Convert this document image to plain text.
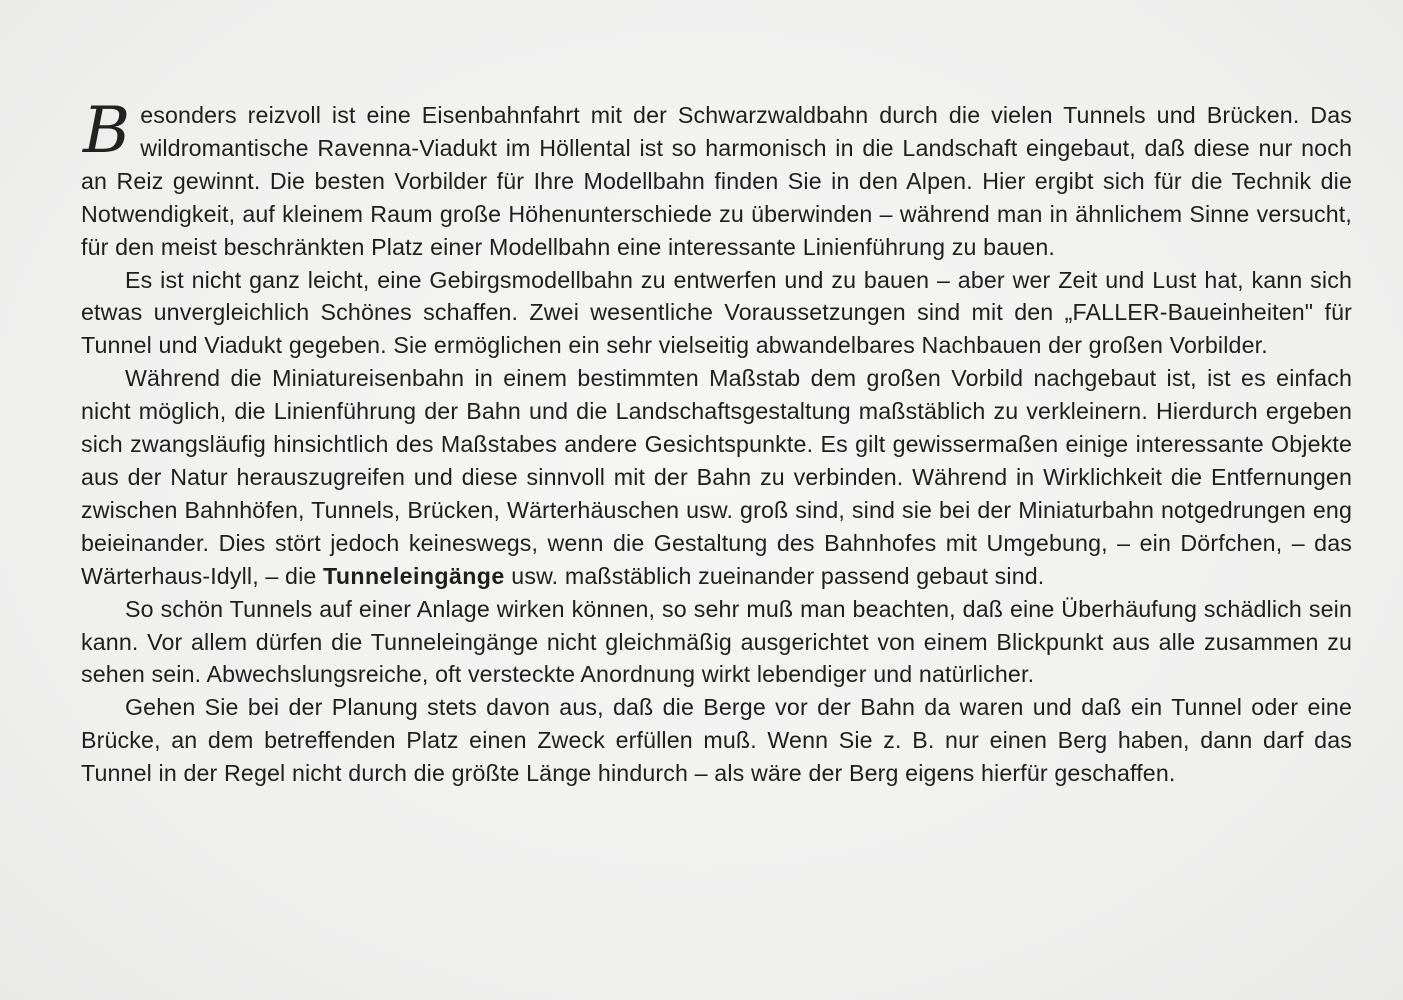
Besonders reizvoll ist eine Eisenbahnfahrt mit der Schwarzwaldbahn durch die vielen Tunnels und Brücken. Das wildromantische Ravenna-Viadukt im Höllental ist so harmonisch in die Landschaft eingebaut, daß diese nur noch an Reiz gewinnt. Die besten Vorbilder für Ihre Modellbahn finden Sie in den Alpen. Hier ergibt sich für die Technik die Notwendigkeit, auf kleinem Raum große Höhenunterschiede zu überwinden – während man in ähnlichem Sinne versucht, für den meist beschränkten Platz einer Modellbahn eine interessante Linienführung zu bauen.

Es ist nicht ganz leicht, eine Gebirgsmodellbahn zu entwerfen und zu bauen – aber wer Zeit und Lust hat, kann sich etwas unvergleichlich Schönes schaffen. Zwei wesentliche Voraussetzungen sind mit den „FALLER-Baueinheiten" für Tunnel und Viadukt gegeben. Sie ermöglichen ein sehr vielseitig abwandelbares Nachbauen der großen Vorbilder.

Während die Miniatureisenbahn in einem bestimmten Maßstab dem großen Vorbild nachgebaut ist, ist es einfach nicht möglich, die Linienführung der Bahn und die Landschaftsgestaltung maßstäblich zu verkleinern. Hierdurch ergeben sich zwangsläufig hinsichtlich des Maßstabes andere Gesichtspunkte. Es gilt gewissermaßen einige interessante Objekte aus der Natur herauszugreifen und diese sinnvoll mit der Bahn zu verbinden. Während in Wirklichkeit die Entfernungen zwischen Bahnhöfen, Tunnels, Brücken, Wärterhäuschen usw. groß sind, sind sie bei der Miniaturbahn notgedrungen eng beieinander. Dies stört jedoch keineswegs, wenn die Gestaltung des Bahnhofes mit Umgebung, – ein Dörfchen, – das Wärterhaus-Idyll, – die Tunneleingänge usw. maßstäblich zueinander passend gebaut sind.

So schön Tunnels auf einer Anlage wirken können, so sehr muß man beachten, daß eine Überhäufung schädlich sein kann. Vor allem dürfen die Tunneleingänge nicht gleichmäßig ausgerichtet von einem Blickpunkt aus alle zusammen zu sehen sein. Abwechslungsreiche, oft versteckte Anordnung wirkt lebendiger und natürlicher.

Gehen Sie bei der Planung stets davon aus, daß die Berge vor der Bahn da waren und daß ein Tunnel oder eine Brücke, an dem betreffenden Platz einen Zweck erfüllen muß. Wenn Sie z. B. nur einen Berg haben, dann darf das Tunnel in der Regel nicht durch die größte Länge hindurch – als wäre der Berg eigens hierfür geschaffen.
